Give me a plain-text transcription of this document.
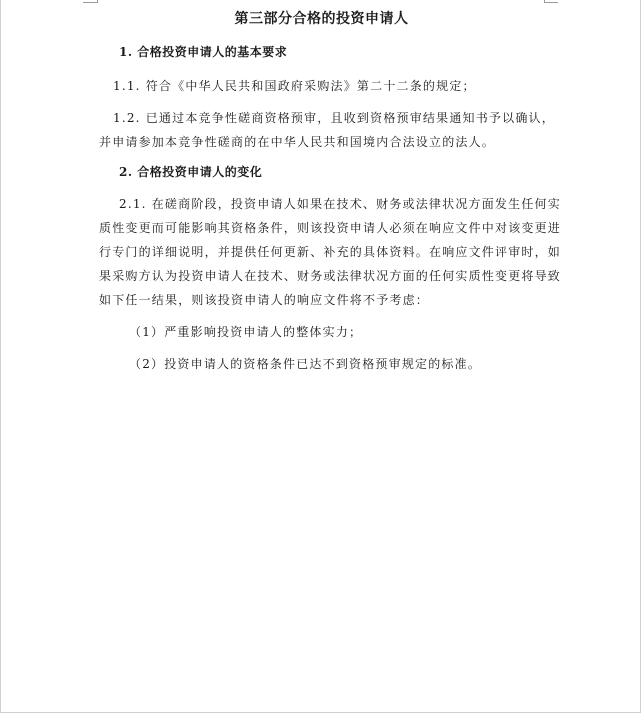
第三部分合格的投资申请人
1. 合格投资申请人的基本要求
1.1. 符合《中华人民共和国政府采购法》第二十二条的规定；
1.2. 已通过本竞争性磋商资格预审，且收到资格预审结果通知书予以确认，
并申请参加本竞争性磋商的在中华人民共和国境内合法设立的法人。
2. 合格投资申请人的变化
2.1. 在磋商阶段，投资申请人如果在技术、财务或法律状况方面发生任何实
质性变更而可能影响其资格条件，则该投资申请人必须在响应文件中对该变更进
行专门的详细说明，并提供任何更新、补充的具体资料。在响应文件评审时，如
果采购方认为投资申请人在技术、财务或法律状况方面的任何实质性变更将导致
如下任一结果，则该投资申请人的响应文件将不予考虑：
（1）严重影响投资申请人的整体实力；
（2）投资申请人的资格条件已达不到资格预审规定的标准。
